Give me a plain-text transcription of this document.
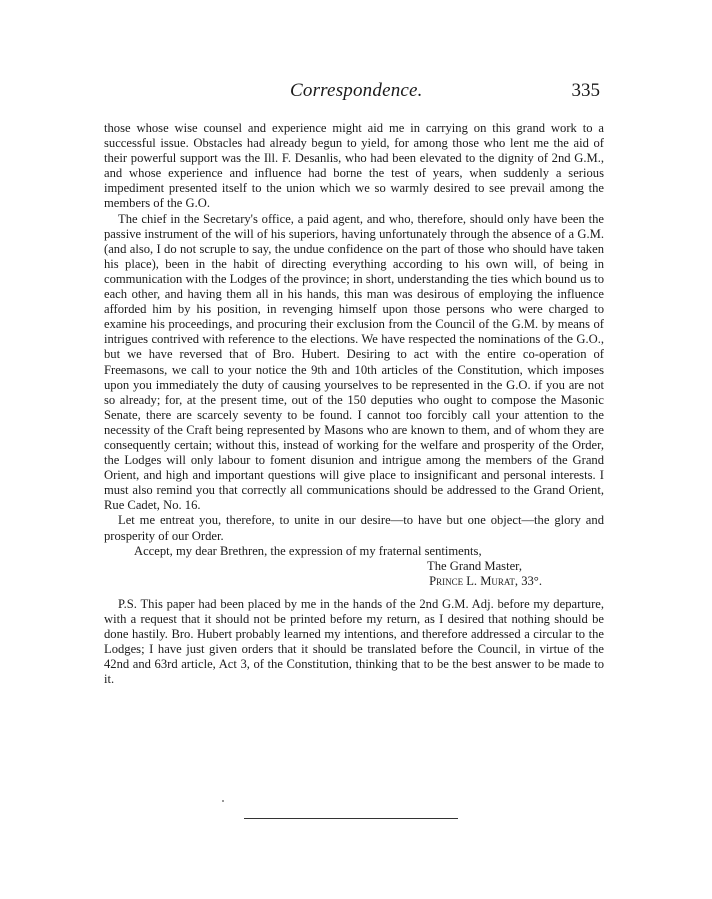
Correspondence.	335

those whose wise counsel and experience might aid me in carrying on this grand work to a successful issue. Obstacles had already begun to yield, for among those who lent me the aid of their powerful support was the Ill. F. Desanlis, who had been elevated to the dignity of 2nd G.M., and whose experience and influence had borne the test of years, when suddenly a serious impediment presented itself to the union which we so warmly desired to see prevail among the members of the G.O.

The chief in the Secretary's office, a paid agent, and who, therefore, should only have been the passive instrument of the will of his superiors, having unfortunately through the absence of a G.M. (and also, I do not scruple to say, the undue confidence on the part of those who should have taken his place), been in the habit of directing everything according to his own will, of being in communication with the Lodges of the province; in short, understanding the ties which bound us to each other, and having them all in his hands, this man was desirous of employing the influence afforded him by his position, in revenging himself upon those persons who were charged to examine his proceedings, and procuring their exclusion from the Council of the G.M. by means of intrigues contrived with reference to the elections. We have respected the nominations of the G.O., but we have reversed that of Bro. Hubert. Desiring to act with the entire co-operation of Freemasons, we call to your notice the 9th and 10th articles of the Constitution, which imposes upon you immediately the duty of causing yourselves to be represented in the G.O. if you are not so already; for, at the present time, out of the 150 deputies who ought to compose the Masonic Senate, there are scarcely seventy to be found. I cannot too forcibly call your attention to the necessity of the Craft being represented by Masons who are known to them, and of whom they are consequently certain; without this, instead of working for the welfare and prosperity of the Order, the Lodges will only labour to foment disunion and intrigue among the members of the Grand Orient, and high and important questions will give place to insignificant and personal interests. I must also remind you that correctly all communications should be addressed to the Grand Orient, Rue Cadet, No. 16.

Let me entreat you, therefore, to unite in our desire—to have but one object—the glory and prosperity of our Order.

Accept, my dear Brethren, the expression of my fraternal sentiments,

The Grand Master,

Prince L. Murat, 33°.

P.S. This paper had been placed by me in the hands of the 2nd G.M. Adj. before my departure, with a request that it should not be printed before my return, as I desired that nothing should be done hastily. Bro. Hubert probably learned my intentions, and therefore addressed a circular to the Lodges; I have just given orders that it should be translated before the Council, in virtue of the 42nd and 63rd article, Act 3, of the Constitution, thinking that to be the best answer to be made to it.
